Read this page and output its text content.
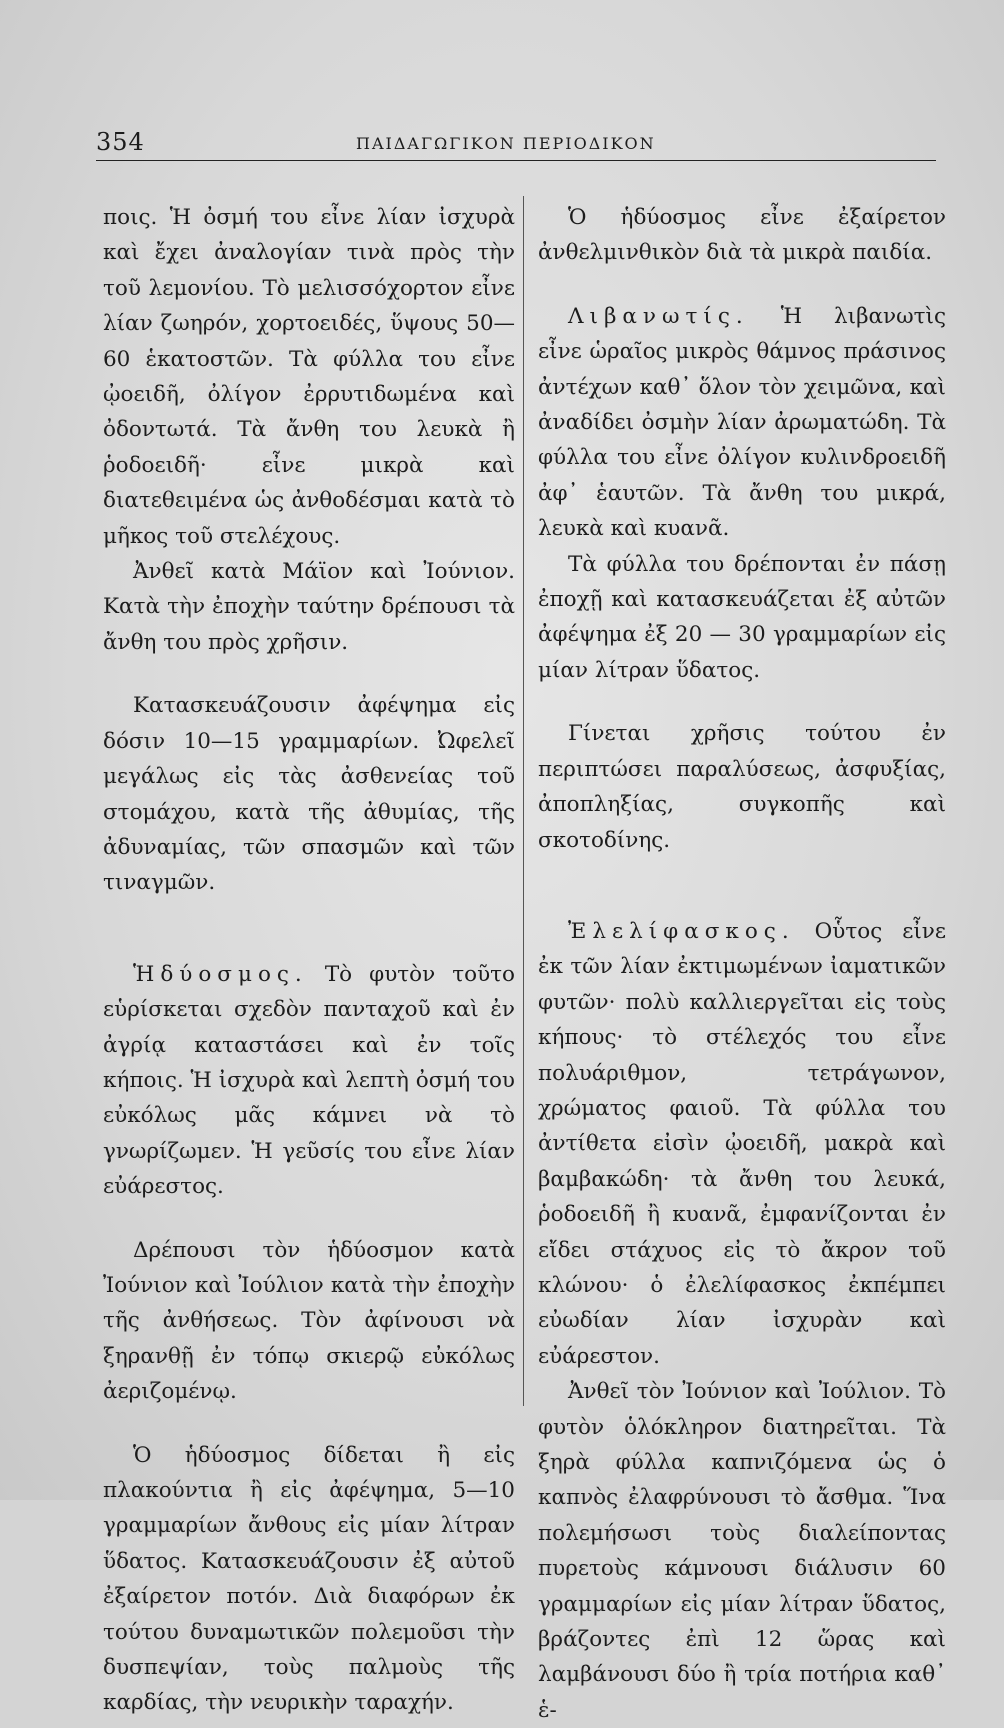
354	ΠΑΙΔΑΓΩΓΙΚΟΝ ΠΕΡΙΟΔΙΚΟΝ

ποις. Ἡ ὀσμή του εἶνε λίαν ἰσχυρὰ καὶ ἔχει ἀναλογίαν τινὰ πρὸς τὴν τοῦ λεμονίου. Τὸ μελισσόχορτον εἶνε λίαν ζωηρόν, χορτοειδές, ὕψους 50—60 ἑκατοστῶν. Τὰ φύλλα του εἶνε ᾠοειδῆ, ὀλίγον ἐρρυτιδωμένα καὶ ὀδοντωτά. Τὰ ἄνθη του λευκὰ ἢ ῥοδοειδῆ· εἶνε μικρὰ καὶ διατεθειμένα ὡς ἀνθοδέσμαι κατὰ τὸ μῆκος τοῦ στελέχους.

Ἀνθεῖ κατὰ Μάϊον καὶ Ἰούνιον. Κατὰ τὴν ἐποχὴν ταύτην δρέπουσι τὰ ἄνθη του πρὸς χρῆσιν.

Κατασκευάζουσιν ἀφέψημα εἰς δόσιν 10—15 γραμμαρίων. Ὠφελεῖ μεγάλως εἰς τὰς ἀσθενείας τοῦ στομάχου, κατὰ τῆς ἀθυμίας, τῆς ἀδυναμίας, τῶν σπασμῶν καὶ τῶν τιναγμῶν.

Ἡδύοσμος. Τὸ φυτὸν τοῦτο εὑρίσκεται σχεδὸν πανταχοῦ καὶ ἐν ἀγρίᾳ καταστάσει καὶ ἐν τοῖς κήποις. Ἡ ἰσχυρὰ καὶ λεπτὴ ὀσμή του εὐκόλως μᾶς κάμνει νὰ τὸ γνωρίζωμεν. Ἡ γεῦσίς του εἶνε λίαν εὐάρεστος.

Δρέπουσι τὸν ἡδύοσμον κατὰ Ἰούνιον καὶ Ἰούλιον κατὰ τὴν ἐποχὴν τῆς ἀνθήσεως. Τὸν ἀφίνουσι νὰ ξηρανθῇ ἐν τόπῳ σκιερῷ εὐκόλως ἀεριζομένῳ.

Ὁ ἡδύοσμος δίδεται ἢ εἰς πλακούντια ἢ εἰς ἀφέψημα, 5—10 γραμμαρίων ἄνθους εἰς μίαν λίτραν ὕδατος. Κατασκευάζουσιν ἐξ αὐτοῦ ἐξαίρετον ποτόν. Διὰ διαφόρων ἐκ τούτου δυναμωτικῶν πολεμοῦσι τὴν δυσπεψίαν, τοὺς παλμοὺς τῆς καρδίας, τὴν νευρικὴν ταραχήν.

Ὁ ἡδύοσμος εἶνε ἐξαίρετον ἀνθελμινθικὸν διὰ τὰ μικρὰ παιδία.

Λιβανωτίς. Ἡ λιβανωτὶς εἶνε ὡραῖος μικρὸς θάμνος πράσινος ἀντέχων καθ᾽ ὅλον τὸν χειμῶνα, καὶ ἀναδίδει ὀσμὴν λίαν ἀρωματώδη. Τὰ φύλλα του εἶνε ὀλίγον κυλινδροειδῆ ἀφ᾽ ἑαυτῶν. Τὰ ἄνθη του μικρά, λευκὰ καὶ κυανᾶ.

Τὰ φύλλα του δρέπονται ἐν πάσῃ ἐποχῇ καὶ κατασκευάζεται ἐξ αὐτῶν ἀφέψημα ἐξ 20 — 30 γραμμαρίων εἰς μίαν λίτραν ὕδατος.

Γίνεται χρῆσις τούτου ἐν περιπτώσει παραλύσεως, ἀσφυξίας, ἀποπληξίας, συγκοπῆς καὶ σκοτοδίνης.

Ἐλελίφασκος. Οὗτος εἶνε ἐκ τῶν λίαν ἐκτιμωμένων ἰαματικῶν φυτῶν· πολὺ καλλιεργεῖται εἰς τοὺς κήπους· τὸ στέλεχός του εἶνε πολυάριθμον, τετράγωνον, χρώματος φαιοῦ. Τὰ φύλλα του ἀντίθετα εἰσὶν ᾠοειδῆ, μακρὰ καὶ βαμβακώδη· τὰ ἄνθη του λευκά, ῥοδοειδῆ ἢ κυανᾶ, ἐμφανίζονται ἐν εἴδει στάχυος εἰς τὸ ἄκρον τοῦ κλώνου· ὁ ἐλελίφασκος ἐκπέμπει εὐωδίαν λίαν ἰσχυρὰν καὶ εὐάρεστον.

Ἀνθεῖ τὸν Ἰούνιον καὶ Ἰούλιον. Τὸ φυτὸν ὁλόκληρον διατηρεῖται. Τὰ ξηρὰ φύλλα καπνιζόμενα ὡς ὁ καπνὸς ἐλαφρύνουσι τὸ ἄσθμα. Ἵνα πολεμήσωσι τοὺς διαλείποντας πυρετοὺς κάμνουσι διάλυσιν 60 γραμμαρίων εἰς μίαν λίτραν ὕδατος, βράζοντες ἐπὶ 12 ὥρας καὶ λαμβάνουσι δύο ἢ τρία ποτήρια καθ᾽ ἑ-
